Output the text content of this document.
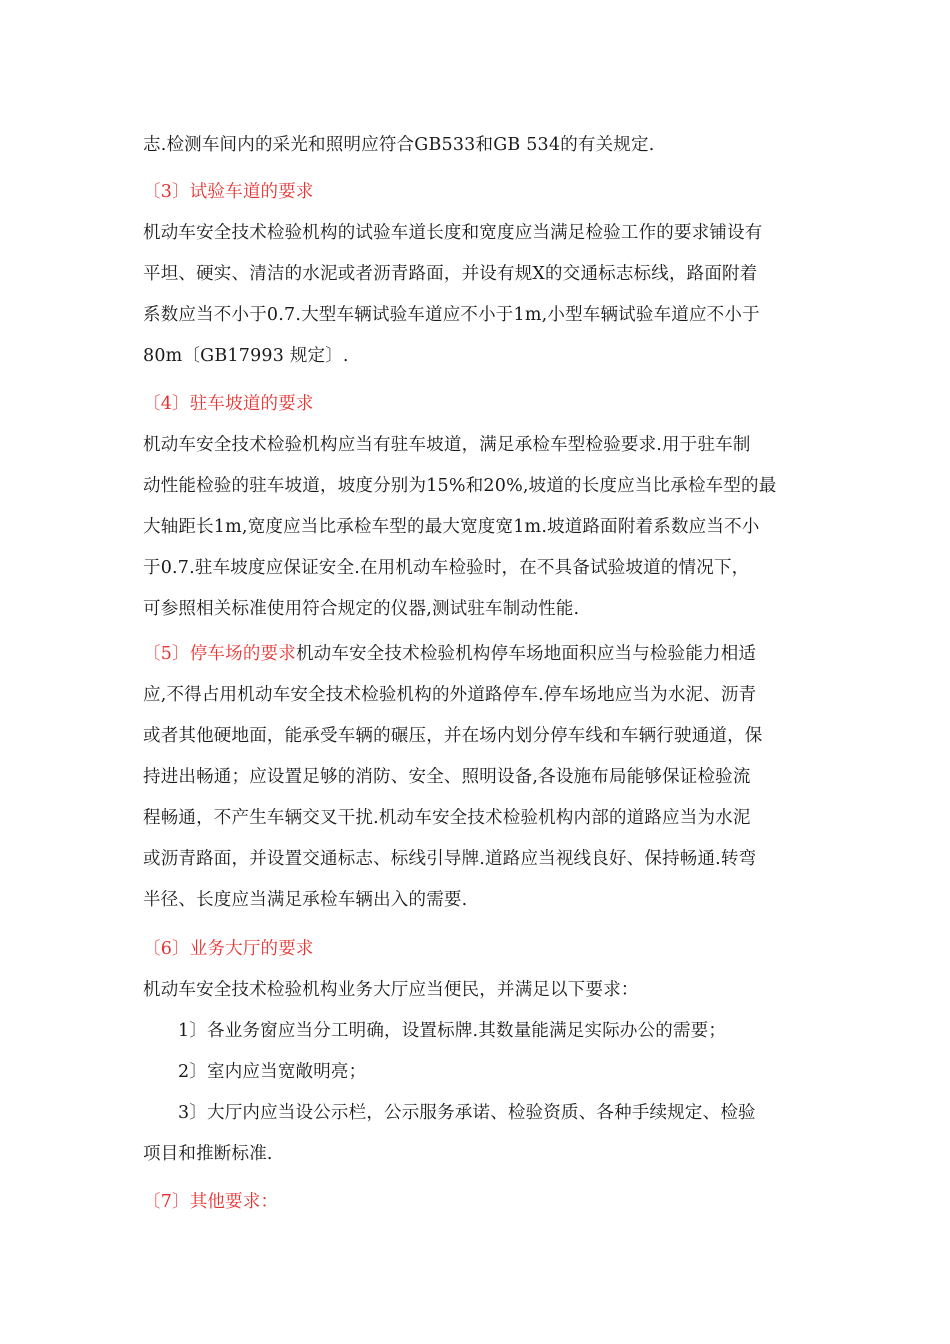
志.检测车间内的采光和照明应符合GB533和GB 534的有关规定.
〔3〕试验车道的要求
机动车安全技术检验机构的试验车道长度和宽度应当满足检验工作的要求铺设有
平坦、硬实、清洁的水泥或者沥青路面，并设有规X的交通标志标线，路面附着
系数应当不小于0.7.大型车辆试验车道应不小于1m,小型车辆试验车道应不小于
80m〔GB17993 规定〕.
〔4〕驻车坡道的要求
机动车安全技术检验机构应当有驻车坡道，满足承检车型检验要求.用于驻车制
动性能检验的驻车坡道，坡度分别为15%和20%,坡道的长度应当比承检车型的最
大轴距长1m,宽度应当比承检车型的最大宽度宽1m.坡道路面附着系数应当不小
于0.7.驻车坡度应保证安全.在用机动车检验时，在不具备试验坡道的情况下，
可参照相关标准使用符合规定的仪器,测试驻车制动性能.
〔5〕停车场的要求机动车安全技术检验机构停车场地面积应当与检验能力相适
应,不得占用机动车安全技术检验机构的外道路停车.停车场地应当为水泥、沥青
或者其他硬地面，能承受车辆的碾压，并在场内划分停车线和车辆行驶通道，保
持进出畅通；应设置足够的消防、安全、照明设备,各设施布局能够保证检验流
程畅通，不产生车辆交叉干扰.机动车安全技术检验机构内部的道路应当为水泥
或沥青路面，并设置交通标志、标线引导牌.道路应当视线良好、保持畅通.转弯
半径、长度应当满足承检车辆出入的需要.
〔6〕业务大厅的要求
机动车安全技术检验机构业务大厅应当便民，并满足以下要求：
1〕各业务窗应当分工明确，设置标牌.其数量能满足实际办公的需要；
2〕室内应当宽敞明亮；
3〕大厅内应当设公示栏，公示服务承诺、检验资质、各种手续规定、检验
项目和推断标准.
〔7〕其他要求：
